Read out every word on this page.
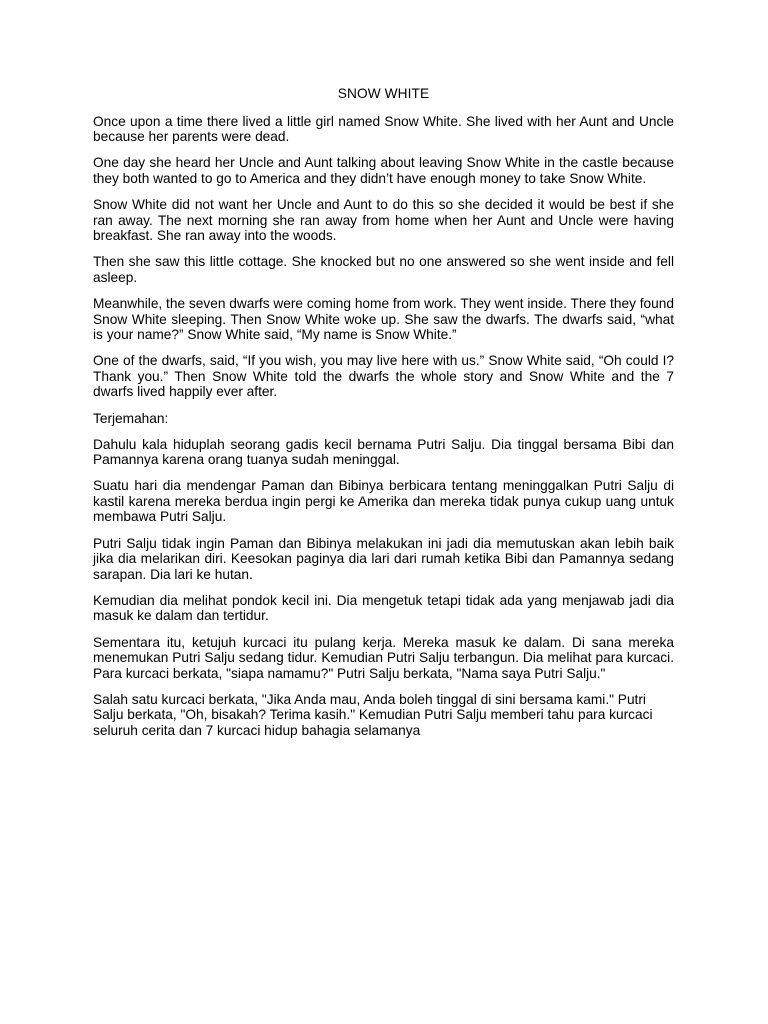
SNOW WHITE

Once upon a time there lived a little girl named Snow White. She lived with her Aunt and Uncle because her parents were dead.

One day she heard her Uncle and Aunt talking about leaving Snow White in the castle because they both wanted to go to America and they didn’t have enough money to take Snow White.

Snow White did not want her Uncle and Aunt to do this so she decided it would be best if she ran away. The next morning she ran away from home when her Aunt and Uncle were having breakfast. She ran away into the woods.

Then she saw this little cottage. She knocked but no one answered so she went inside and fell asleep.

Meanwhile, the seven dwarfs were coming home from work. They went inside. There they found Snow White sleeping. Then Snow White woke up. She saw the dwarfs. The dwarfs said, “what is your name?” Snow White said, “My name is Snow White.”

One of the dwarfs, said, “If you wish, you may live here with us.” Snow White said, “Oh could I? Thank you.” Then Snow White told the dwarfs the whole story and Snow White and the 7 dwarfs lived happily ever after.

Terjemahan:

Dahulu kala hiduplah seorang gadis kecil bernama Putri Salju. Dia tinggal bersama Bibi dan Pamannya karena orang tuanya sudah meninggal.

Suatu hari dia mendengar Paman dan Bibinya berbicara tentang meninggalkan Putri Salju di kastil karena mereka berdua ingin pergi ke Amerika dan mereka tidak punya cukup uang untuk membawa Putri Salju.

Putri Salju tidak ingin Paman dan Bibinya melakukan ini jadi dia memutuskan akan lebih baik jika dia melarikan diri. Keesokan paginya dia lari dari rumah ketika Bibi dan Pamannya sedang sarapan. Dia lari ke hutan.

Kemudian dia melihat pondok kecil ini. Dia mengetuk tetapi tidak ada yang menjawab jadi dia masuk ke dalam dan tertidur.

Sementara itu, ketujuh kurcaci itu pulang kerja. Mereka masuk ke dalam. Di sana mereka menemukan Putri Salju sedang tidur. Kemudian Putri Salju terbangun. Dia melihat para kurcaci. Para kurcaci berkata, "siapa namamu?" Putri Salju berkata, "Nama saya Putri Salju."

Salah satu kurcaci berkata, "Jika Anda mau, Anda boleh tinggal di sini bersama kami." Putri Salju berkata, "Oh, bisakah? Terima kasih." Kemudian Putri Salju memberi tahu para kurcaci seluruh cerita dan 7 kurcaci hidup bahagia selamanya
